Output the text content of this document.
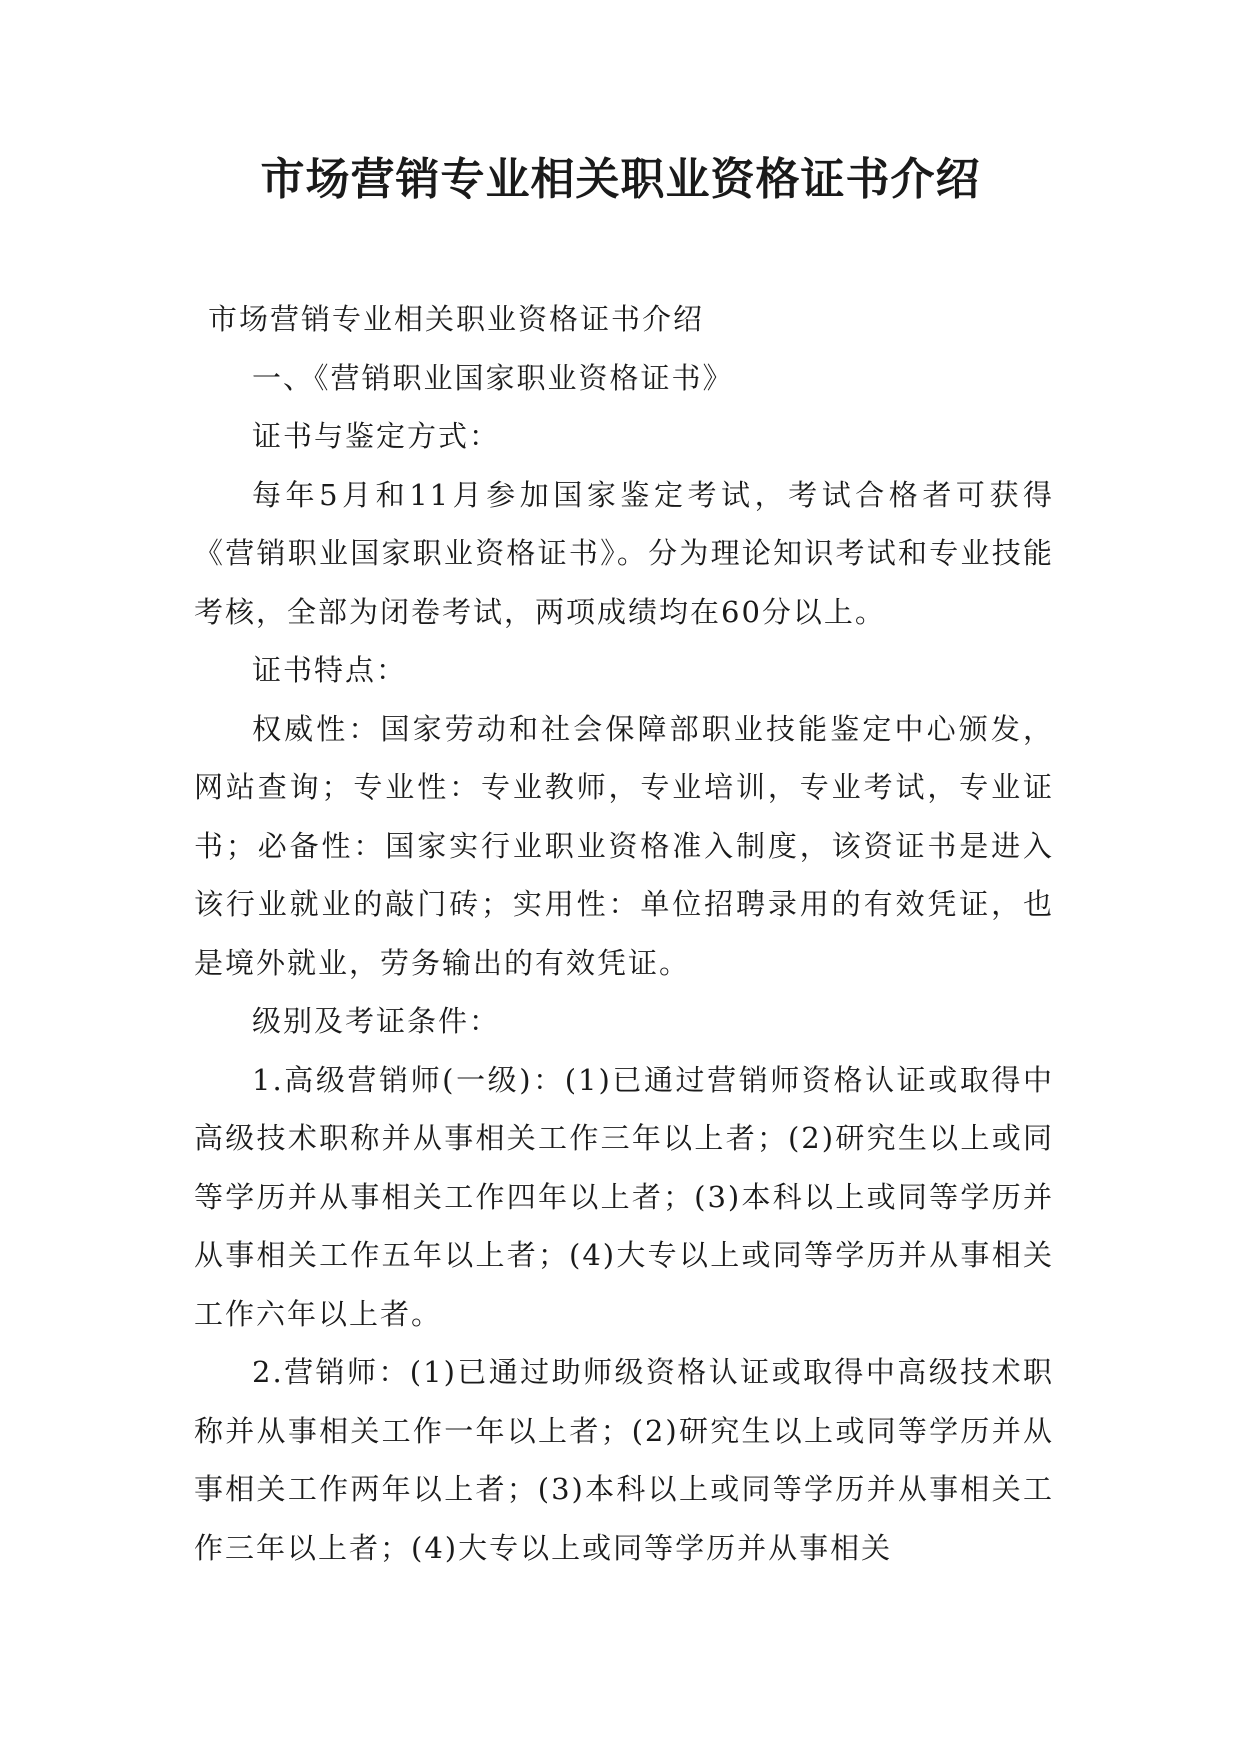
市场营销专业相关职业资格证书介绍

市场营销专业相关职业资格证书介绍

一、《营销职业国家职业资格证书》

证书与鉴定方式：

每年5月和11月参加国家鉴定考试，考试合格者可获得《营销职业国家职业资格证书》。分为理论知识考试和专业技能考核，全部为闭卷考试，两项成绩均在60分以上。

证书特点：

权威性：国家劳动和社会保障部职业技能鉴定中心颁发，网站查询；专业性：专业教师，专业培训，专业考试，专业证书；必备性：国家实行业职业资格准入制度，该资证书是进入该行业就业的敲门砖；实用性：单位招聘录用的有效凭证，也是境外就业，劳务输出的有效凭证。

级别及考证条件：

1.高级营销师(一级)：(1)已通过营销师资格认证或取得中高级技术职称并从事相关工作三年以上者；(2)研究生以上或同等学历并从事相关工作四年以上者；(3)本科以上或同等学历并从事相关工作五年以上者；(4)大专以上或同等学历并从事相关工作六年以上者。

2.营销师：(1)已通过助师级资格认证或取得中高级技术职称并从事相关工作一年以上者；(2)研究生以上或同等学历并从事相关工作两年以上者；(3)本科以上或同等学历并从事相关工作三年以上者；(4)大专以上或同等学历并从事相关
